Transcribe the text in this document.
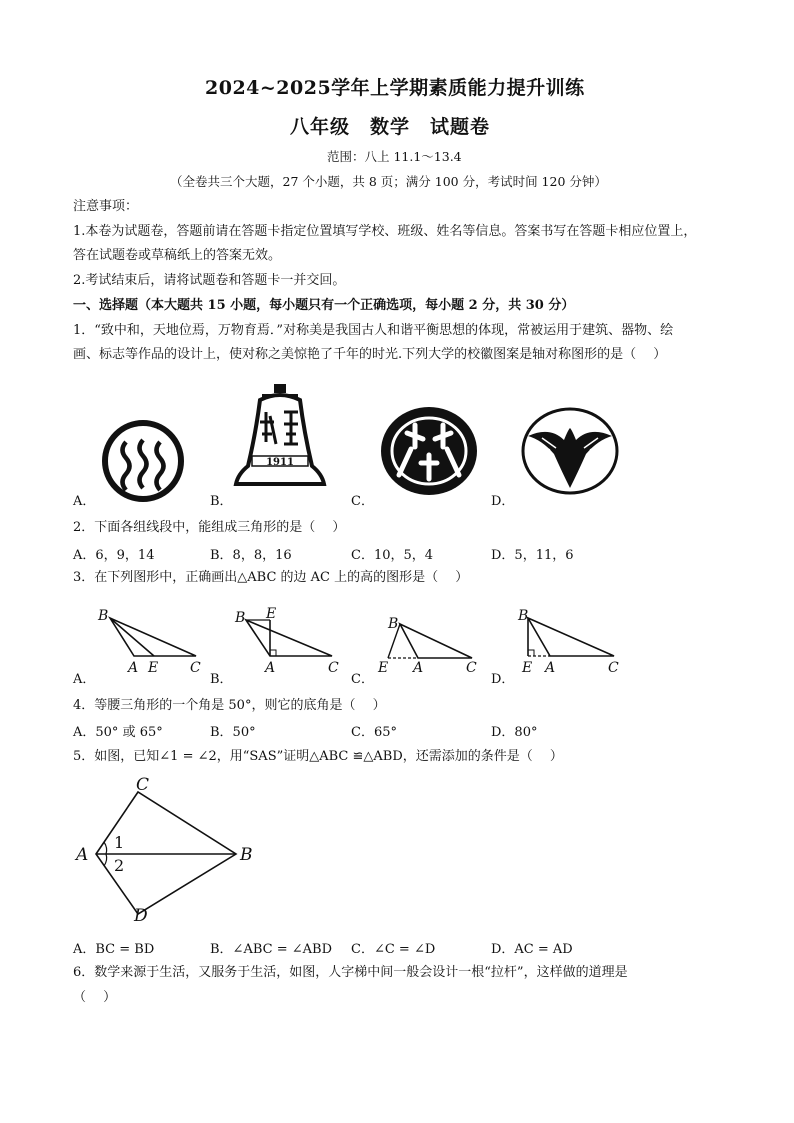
2024~2025学年上学期素质能力提升训练
八年级　数学　试题卷
范围：八上 11.1～13.4
（全卷共三个大题，27 个小题，共 8 页；满分 100 分，考试时间 120 分钟）
注意事项：
1.本卷为试题卷，答题前请在答题卡指定位置填写学校、班级、姓名等信息。答案书写在答题卡相应位置上，
答在试题卷或草稿纸上的答案无效。
2.考试结束后，请将试题卷和答题卡一并交回。
一、选择题（本大题共 15 小题，每小题只有一个正确选项，每小题 2 分，共 30 分）
1．“致中和，天地位焉，万物育焉．”对称美是我国古人和谐平衡思想的体现，常被运用于建筑、器物、绘
画、标志等作品的设计上，使对称之美惊艳了千年的时光.下列大学的校徽图案是轴对称图形的是（　 ）
1911
A．	B．	C．	D．
2．下面各组线段中，能组成三角形的是（　 ）
A．6，9，14	B．8，8，16	C．10，5，4	D．5，11，6
3．在下列图形中，正确画出△ABC 的边 AC 上的高的图形是（　 ）
B
A E C
B E
A	C
B
E A	C
B
E A	C
A．	B．	C．	D．
4．等腰三角形的一个角是 50°，则它的底角是（　 ）
A．50° 或 65°	B．50°	C．65°	D．80°
5．如图，已知∠1 = ∠2，用“SAS”证明△ABC ≌△ABD，还需添加的条件是（　 ）
C
A
1
2
B
D
A．BC = BD	B．∠ABC = ∠ABD C．∠C = ∠D	D．AC = AD
6．数学来源于生活，又服务于生活，如图，人字梯中间一般会设计一根“拉杆”，这样做的道理是
（　 ）
